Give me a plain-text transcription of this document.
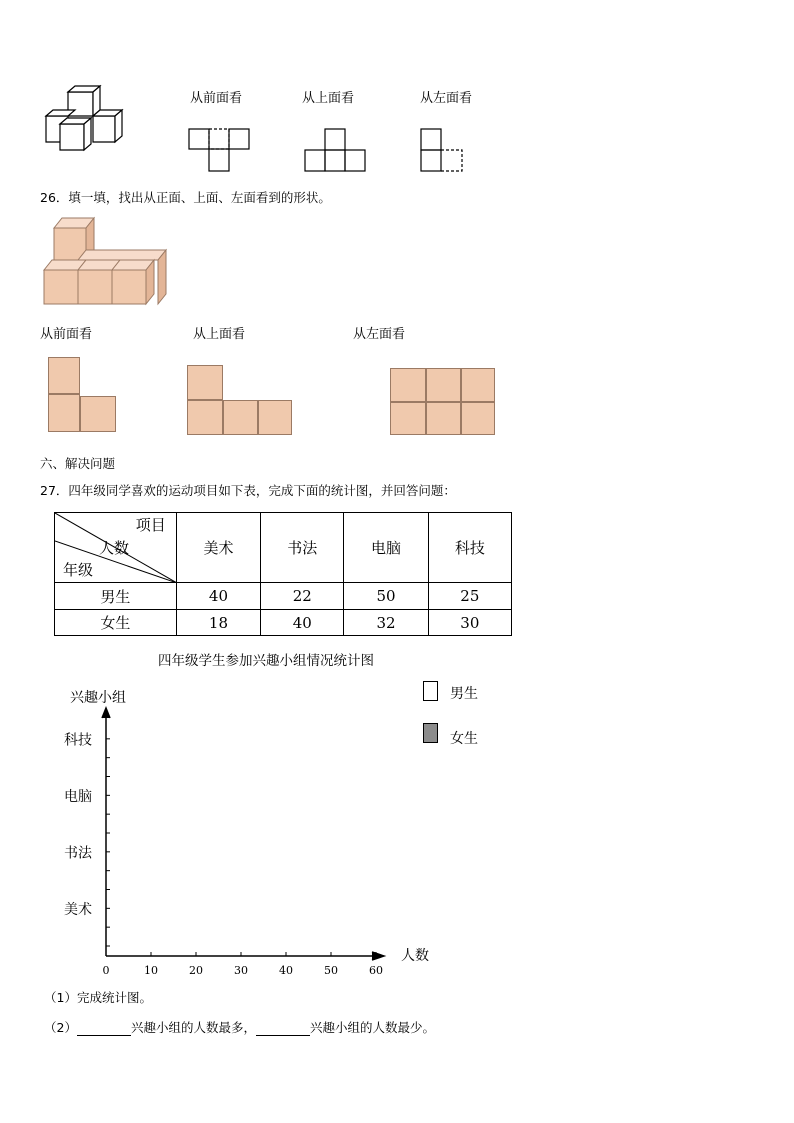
从前面看	从上面看	从左面看
26．填一填，找出从正面、上面、左面看到的形状。
从前面看	从上面看	从左面看
六、解决问题
27．四年级同学喜欢的运动项目如下表，完成下面的统计图，并回答问题：
项目
人数
年级	美术	书法	电脑	科技
男生	40	22	50	25
女生	18	40	32	30
四年级学生参加兴趣小组情况统计图
0	10	20	30	40	50	60
美术
书法
电脑
科技
兴趣小组
人数
男生
女生
（1）完成统计图。
（2）	兴趣小组的人数最多，	兴趣小组的人数最少。
